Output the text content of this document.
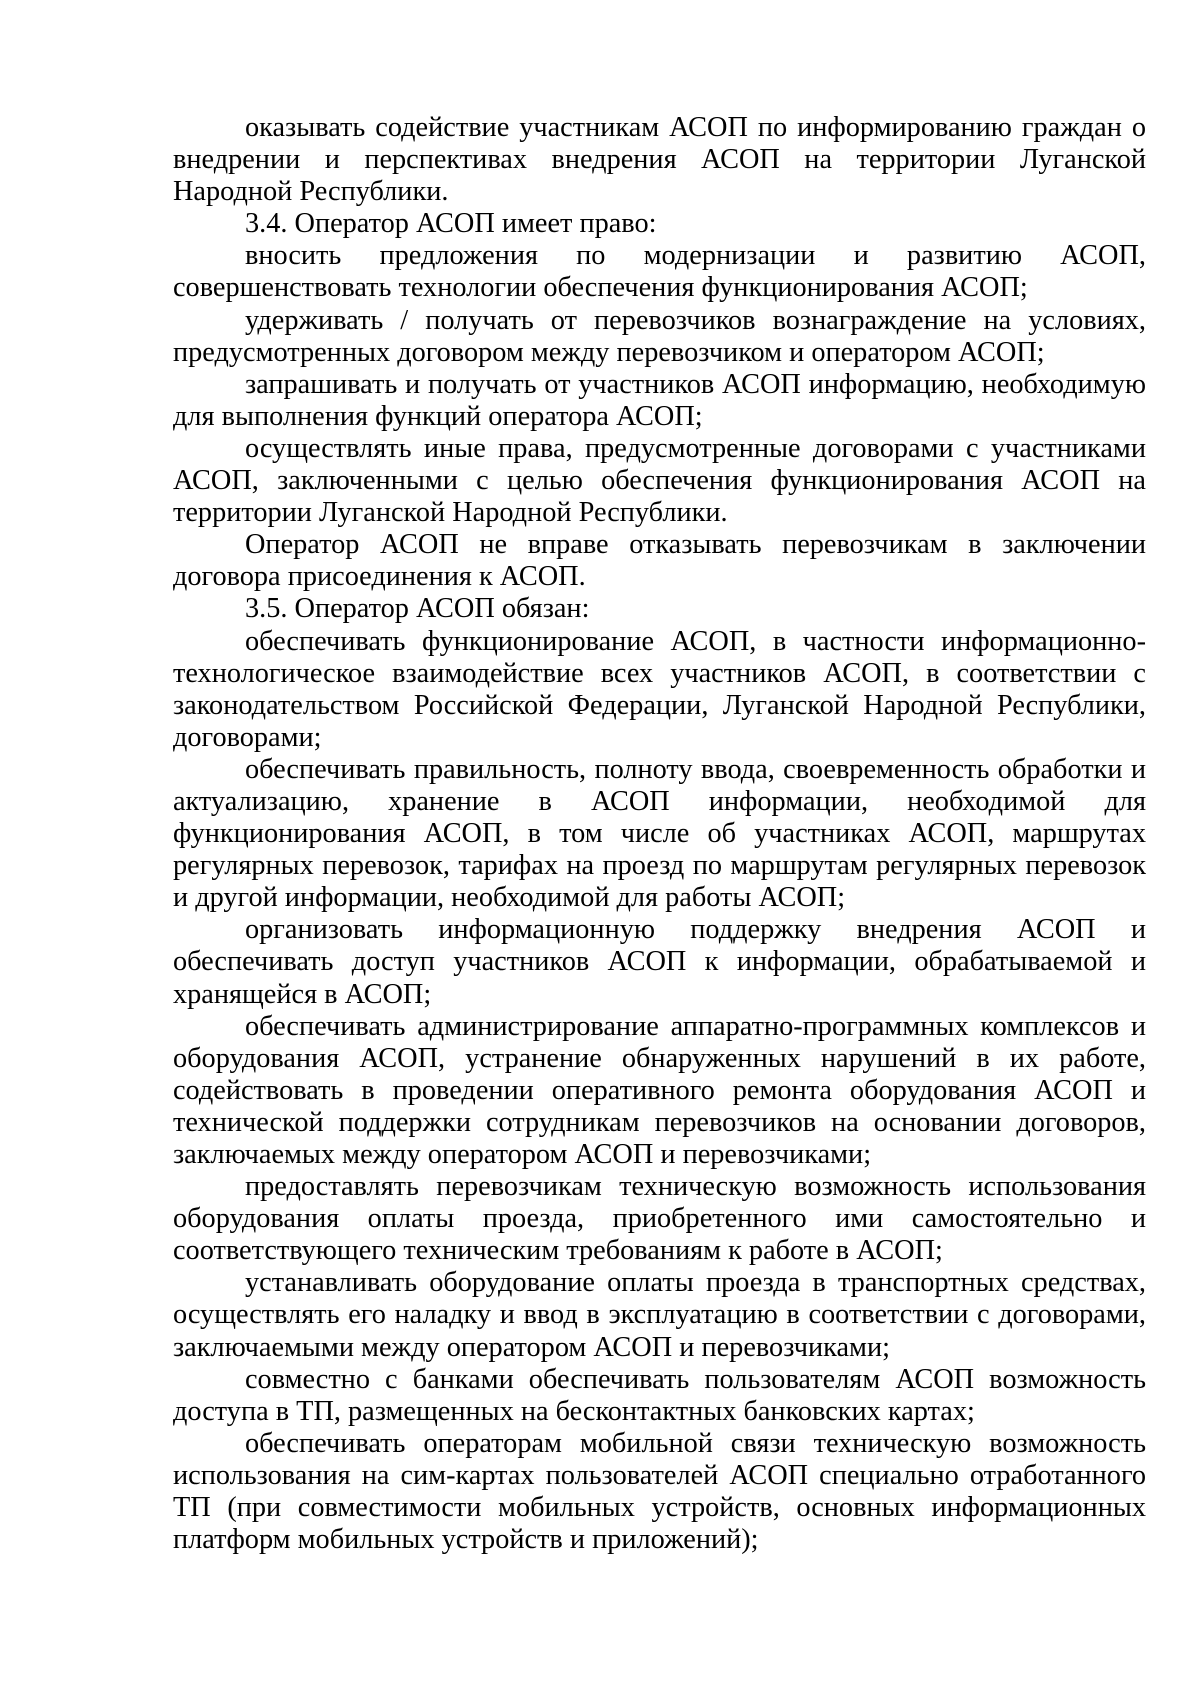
оказывать содействие участникам АСОП по информированию граждан о внедрении и перспективах внедрения АСОП на территории Луганской Народной Республики.

3.4. Оператор АСОП имеет право:

вносить предложения по модернизации и развитию АСОП, совершенствовать технологии обеспечения функционирования АСОП;

удерживать / получать от перевозчиков вознаграждение на условиях, предусмотренных договором между перевозчиком и оператором АСОП;

запрашивать и получать от участников АСОП информацию, необходимую для выполнения функций оператора АСОП;

осуществлять иные права, предусмотренные договорами с участниками АСОП, заключенными с целью обеспечения функционирования АСОП на территории Луганской Народной Республики.

Оператор АСОП не вправе отказывать перевозчикам в заключении договора присоединения к АСОП.

3.5. Оператор АСОП обязан:

обеспечивать функционирование АСОП, в частности информационно-технологическое взаимодействие всех участников АСОП, в соответствии с законодательством Российской Федерации, Луганской Народной Республики, договорами;

обеспечивать правильность, полноту ввода, своевременность обработки и актуализацию, хранение в АСОП информации, необходимой для функционирования АСОП, в том числе об участниках АСОП, маршрутах регулярных перевозок, тарифах на проезд по маршрутам регулярных перевозок и другой информации, необходимой для работы АСОП;

организовать информационную поддержку внедрения АСОП и обеспечивать доступ участников АСОП к информации, обрабатываемой и хранящейся в АСОП;

обеспечивать администрирование аппаратно-программных комплексов и оборудования АСОП, устранение обнаруженных нарушений в их работе, содействовать в проведении оперативного ремонта оборудования АСОП и технической поддержки сотрудникам перевозчиков на основании договоров, заключаемых между оператором АСОП и перевозчиками;

предоставлять перевозчикам техническую возможность использования оборудования оплаты проезда, приобретенного ими самостоятельно и соответствующего техническим требованиям к работе в АСОП;

устанавливать оборудование оплаты проезда в транспортных средствах, осуществлять его наладку и ввод в эксплуатацию в соответствии с договорами, заключаемыми между оператором АСОП и перевозчиками;

совместно с банками обеспечивать пользователям АСОП возможность доступа в ТП, размещенных на бесконтактных банковских картах;

обеспечивать операторам мобильной связи техническую возможность использования на сим-картах пользователей АСОП специально отработанного ТП (при совместимости мобильных устройств, основных информационных платформ мобильных устройств и приложений);
